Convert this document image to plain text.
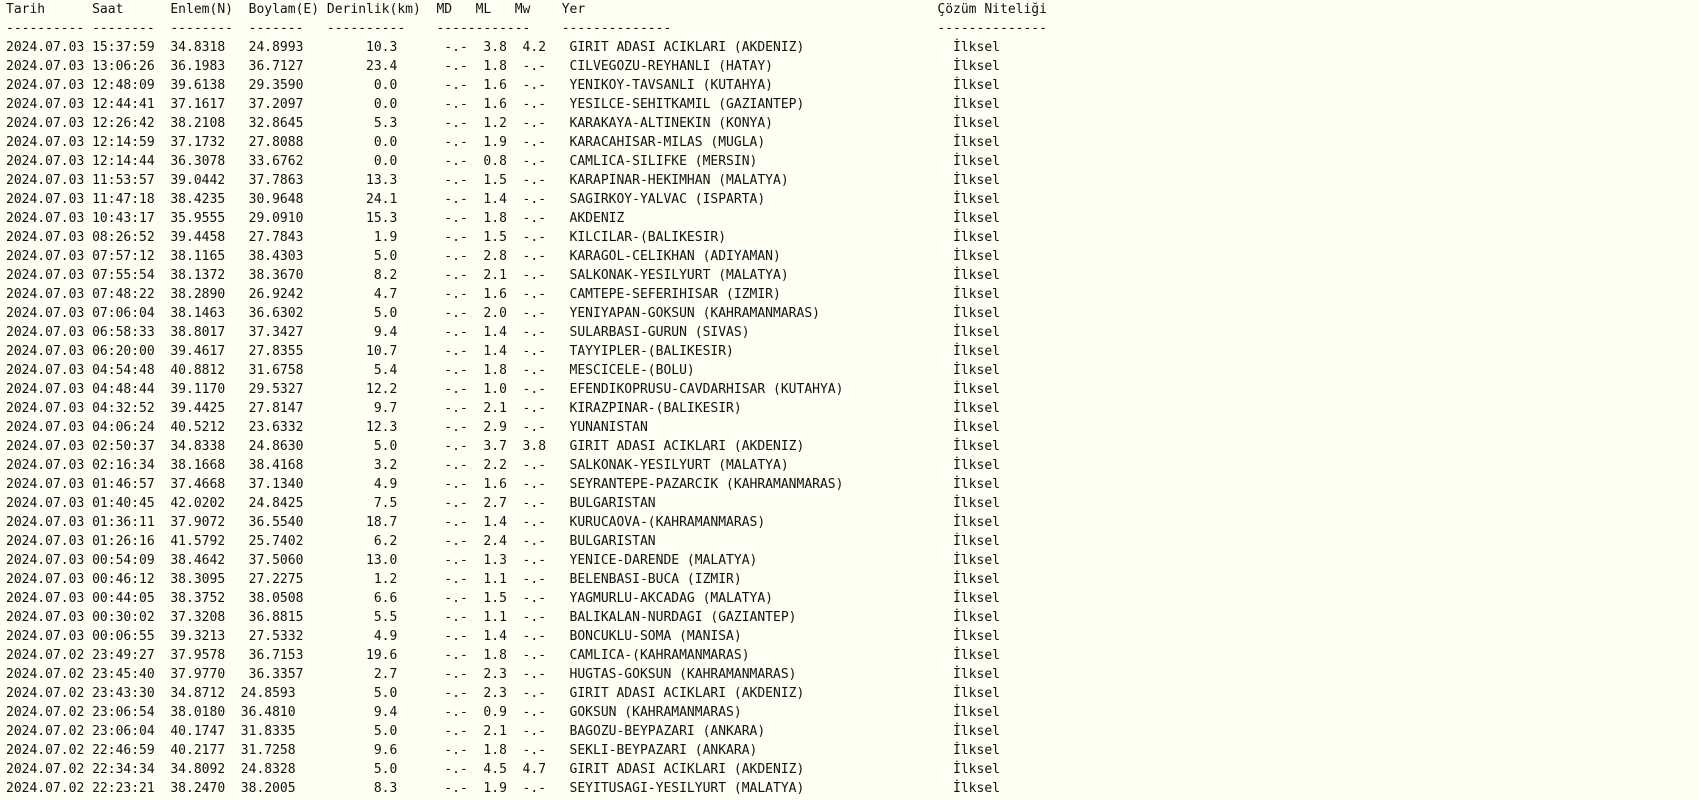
Tarih      Saat      Enlem(N)  Boylam(E) Derinlik(km)  MD   ML   Mw    Yer                                             Çözüm Niteliği
---------- --------  --------  -------   ----------    ------------    --------------                                  --------------
2024.07.03 15:37:59  34.8318   24.8993        10.3      -.-  3.8  4.2   GIRIT ADASI ACIKLARI (AKDENIZ)                   İlksel
2024.07.03 13:06:26  36.1983   36.7127        23.4      -.-  1.8  -.-   CILVEGOZU-REYHANLI (HATAY)                       İlksel
2024.07.03 12:48:09  39.6138   29.3590         0.0      -.-  1.6  -.-   YENIKOY-TAVSANLI (KUTAHYA)                       İlksel
2024.07.03 12:44:41  37.1617   37.2097         0.0      -.-  1.6  -.-   YESILCE-SEHITKAMIL (GAZIANTEP)                   İlksel
2024.07.03 12:26:42  38.2108   32.8645         5.3      -.-  1.2  -.-   KARAKAYA-ALTINEKIN (KONYA)                       İlksel
2024.07.03 12:14:59  37.1732   27.8088         0.0      -.-  1.9  -.-   KARACAHISAR-MILAS (MUGLA)                        İlksel
2024.07.03 12:14:44  36.3078   33.6762         0.0      -.-  0.8  -.-   CAMLICA-SILIFKE (MERSIN)                         İlksel
2024.07.03 11:53:57  39.0442   37.7863        13.3      -.-  1.5  -.-   KARAPINAR-HEKIMHAN (MALATYA)                     İlksel
2024.07.03 11:47:18  38.4235   30.9648        24.1      -.-  1.4  -.-   SAGIRKOY-YALVAC (ISPARTA)                        İlksel
2024.07.03 10:43:17  35.9555   29.0910        15.3      -.-  1.8  -.-   AKDENIZ                                          İlksel
2024.07.03 08:26:52  39.4458   27.7843         1.9      -.-  1.5  -.-   KILCILAR-(BALIKESIR)                             İlksel
2024.07.03 07:57:12  38.1165   38.4303         5.0      -.-  2.8  -.-   KARAGOL-CELIKHAN (ADIYAMAN)                      İlksel
2024.07.03 07:55:54  38.1372   38.3670         8.2      -.-  2.1  -.-   SALKONAK-YESILYURT (MALATYA)                     İlksel
2024.07.03 07:48:22  38.2890   26.9242         4.7      -.-  1.6  -.-   CAMTEPE-SEFERIHISAR (IZMIR)                      İlksel
2024.07.03 07:06:04  38.1463   36.6302         5.0      -.-  2.0  -.-   YENIYAPAN-GOKSUN (KAHRAMANMARAS)                 İlksel
2024.07.03 06:58:33  38.8017   37.3427         9.4      -.-  1.4  -.-   SULARBASI-GURUN (SIVAS)                          İlksel
2024.07.03 06:20:00  39.4617   27.8355        10.7      -.-  1.4  -.-   TAYYIPLER-(BALIKESIR)                            İlksel
2024.07.03 04:54:48  40.8812   31.6758         5.4      -.-  1.8  -.-   MESCICELE-(BOLU)                                 İlksel
2024.07.03 04:48:44  39.1170   29.5327        12.2      -.-  1.0  -.-   EFENDIKOPRUSU-CAVDARHISAR (KUTAHYA)              İlksel
2024.07.03 04:32:52  39.4425   27.8147         9.7      -.-  2.1  -.-   KIRAZPINAR-(BALIKESIR)                           İlksel
2024.07.03 04:06:24  40.5212   23.6332        12.3      -.-  2.9  -.-   YUNANISTAN                                       İlksel
2024.07.03 02:50:37  34.8338   24.8630         5.0      -.-  3.7  3.8   GIRIT ADASI ACIKLARI (AKDENIZ)                   İlksel
2024.07.03 02:16:34  38.1668   38.4168         3.2      -.-  2.2  -.-   SALKONAK-YESILYURT (MALATYA)                     İlksel
2024.07.03 01:46:57  37.4668   37.1340         4.9      -.-  1.6  -.-   SEYRANTEPE-PAZARCIK (KAHRAMANMARAS)              İlksel
2024.07.03 01:40:45  42.0202   24.8425         7.5      -.-  2.7  -.-   BULGARISTAN                                      İlksel
2024.07.03 01:36:11  37.9072   36.5540        18.7      -.-  1.4  -.-   KURUCAOVA-(KAHRAMANMARAS)                        İlksel
2024.07.03 01:26:16  41.5792   25.7402         6.2      -.-  2.4  -.-   BULGARISTAN                                      İlksel
2024.07.03 00:54:09  38.4642   37.5060        13.0      -.-  1.3  -.-   YENICE-DARENDE (MALATYA)                         İlksel
2024.07.03 00:46:12  38.3095   27.2275         1.2      -.-  1.1  -.-   BELENBASI-BUCA (IZMIR)                           İlksel
2024.07.03 00:44:05  38.3752   38.0508         6.6      -.-  1.5  -.-   YAGMURLU-AKCADAG (MALATYA)                       İlksel
2024.07.03 00:30:02  37.3208   36.8815         5.5      -.-  1.1  -.-   BALIKALAN-NURDAGI (GAZIANTEP)                    İlksel
2024.07.03 00:06:55  39.3213   27.5332         4.9      -.-  1.4  -.-   BONCUKLU-SOMA (MANISA)                           İlksel
2024.07.02 23:49:27  37.9578   36.7153        19.6      -.-  1.8  -.-   CAMLICA-(KAHRAMANMARAS)                          İlksel
2024.07.02 23:45:40  37.9770   36.3357         2.7      -.-  2.3  -.-   HUGTAS-GOKSUN (KAHRAMANMARAS)                    İlksel
2024.07.02 23:43:30  34.8712  24.8593          5.0      -.-  2.3  -.-   GIRIT ADASI ACIKLARI (AKDENIZ)                   İlksel
2024.07.02 23:06:54  38.0180  36.4810          9.4      -.-  0.9  -.-   GOKSUN (KAHRAMANMARAS)                           İlksel
2024.07.02 23:06:04  40.1747  31.8335          5.0      -.-  2.1  -.-   BAGOZU-BEYPAZARI (ANKARA)                        İlksel
2024.07.02 22:46:59  40.2177  31.7258          9.6      -.-  1.8  -.-   SEKLI-BEYPAZARI (ANKARA)                         İlksel
2024.07.02 22:34:34  34.8092  24.8328          5.0      -.-  4.5  4.7   GIRIT ADASI ACIKLARI (AKDENIZ)                   İlksel
2024.07.02 22:23:21  38.2470  38.2005          8.3      -.-  1.9  -.-   SEYITUSAGI-YESILYURT (MALATYA)                   İlksel
